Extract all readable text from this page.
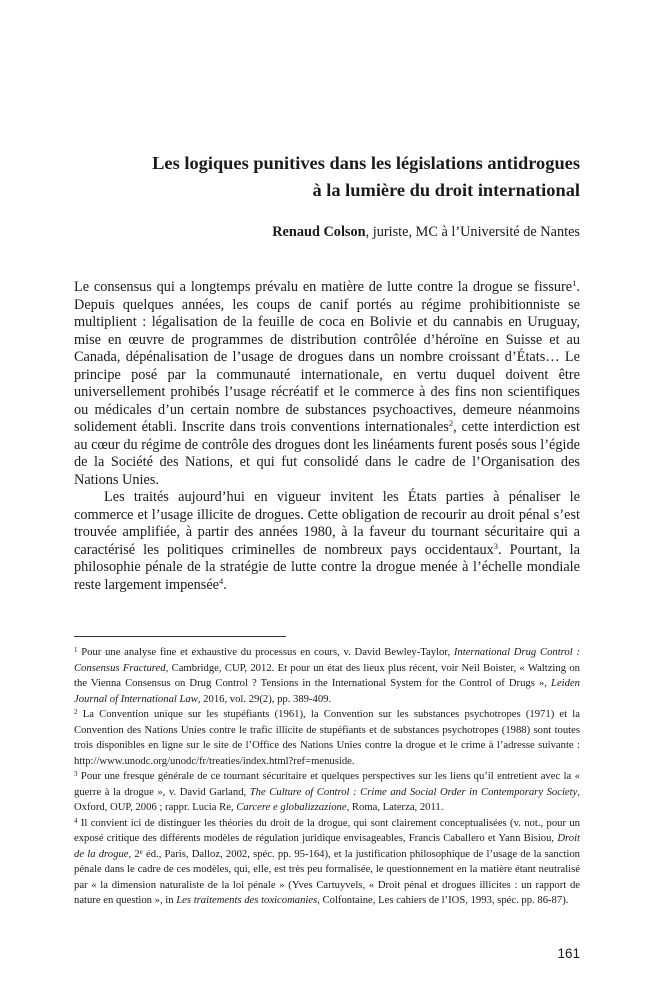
Les logiques punitives dans les législations antidrogues
à la lumière du droit international
Renaud Colson, juriste, MC à l’Université de Nantes

Le consensus qui a longtemps prévalu en matière de lutte contre la drogue se fissure$^1$. Depuis quelques années, les coups de canif portés au régime prohibitionniste se multiplient : légalisation de la feuille de coca en Bolivie et du cannabis en Uruguay, mise en œuvre de programmes de distribution contrôlée d’héroïne en Suisse et au Canada, dépénalisation de l’usage de drogues dans un nombre croissant d’États… Le principe posé par la communauté internationale, en vertu duquel doivent être universellement prohibés l’usage récréatif et le commerce à des fins non scientifiques ou médicales d’un certain nombre de substances psychoactives, demeure néanmoins solidement établi. Inscrite dans trois conventions internationales$^2$, cette interdiction est au cœur du régime de contrôle des drogues dont les linéaments furent posés sous l’égide de la Société des Nations, et qui fut consolidé dans le cadre de l’Organisation des Nations Unies.

Les traités aujourd’hui en vigueur invitent les États parties à pénaliser le commerce et l’usage illicite de drogues. Cette obligation de recourir au droit pénal s’est trouvée amplifiée, à partir des années 1980, à la faveur du tournant sécuritaire qui a caractérisé les politiques criminelles de nombreux pays occidentaux$^3$. Pourtant, la philosophie pénale de la stratégie de lutte contre la drogue menée à l’échelle mondiale reste largement impensée$^4$.

$^1$ Pour une analyse fine et exhaustive du processus en cours, v. David Bewley-Taylor, International Drug Control : Consensus Fractured, Cambridge, CUP, 2012. Et pour un état des lieux plus récent, voir Neil Boister, « Waltzing on the Vienna Consensus on Drug Control ? Tensions in the International System for the Control of Drugs », Leiden Journal of International Law, 2016, vol. 29(2), pp. 389-409.

$^2$ La Convention unique sur les stupéfiants (1961), la Convention sur les substances psychotropes (1971) et la Convention des Nations Unies contre le trafic illicite de stupéfiants et de substances psychotropes (1988) sont toutes trois disponibles en ligne sur le site de l’Office des Nations Unies contre la drogue et le crime à l’adresse suivante : http://www.unodc.org/unodc/fr/treaties/index.html?ref=menuside.

$^3$ Pour une fresque générale de ce tournant sécuritaire et quelques perspectives sur les liens qu’il entretient avec la « guerre à la drogue », v. David Garland, The Culture of Control : Crime and Social Order in Contemporary Society, Oxford, OUP, 2006 ; rappr. Lucia Re, Carcere e globalizzazione, Roma, Laterza, 2011.

$^4$ Il convient ici de distinguer les théories du droit de la drogue, qui sont clairement conceptualisées (v. not., pour un exposé critique des différents modèles de régulation juridique envisageables, Francis Caballero et Yann Bisiou, Droit de la drogue, 2e éd., Paris, Dalloz, 2002, spéc. pp. 95-164), et la justification philosophique de l’usage de la sanction pénale dans le cadre de ces modèles, qui, elle, est très peu formalisée, le questionnement en la matière étant neutralisé par « la dimension naturaliste de la loi pénale » (Yves Cartuyvels, « Droit pénal et drogues illicites : un rapport de nature en question », in Les traitements des toxicomanies, Colfontaine, Les cahiers de l’IOS, 1993, spéc. pp. 86-87).

161
